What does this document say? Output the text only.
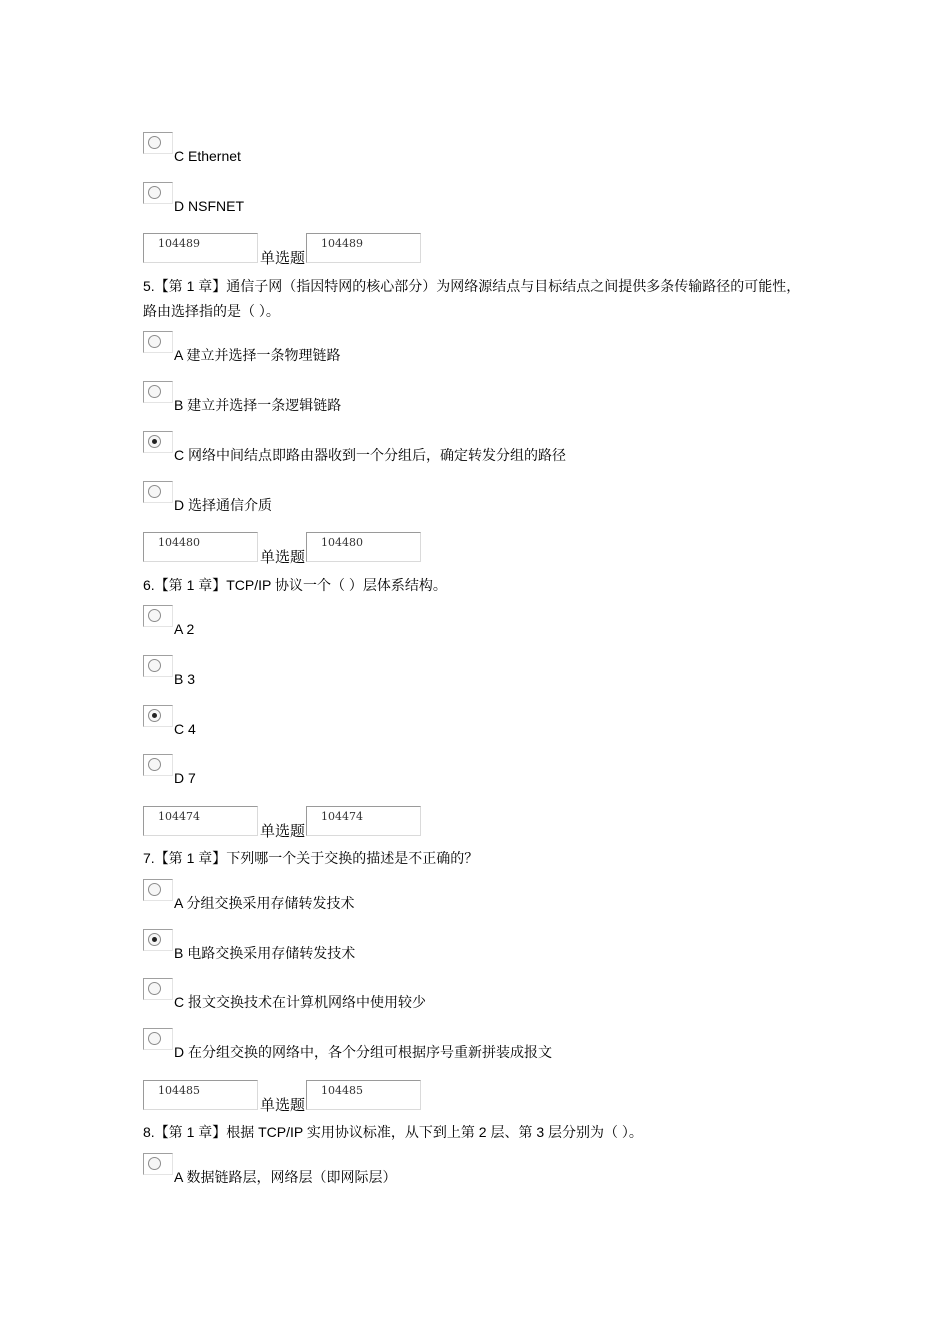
C Ethernet
D NSFNET
104489
单选题
104489
5.【第 1 章】通信子网（指因特网的核心部分）为网络源结点与目标结点之间提供多条传输路径的可能性，路由选择指的是（ ）。
A 建立并选择一条物理链路
B 建立并选择一条逻辑链路
C 网络中间结点即路由器收到一个分组后，确定转发分组的路径
D 选择通信介质
104480
单选题
104480
6.【第 1 章】TCP/IP 协议一个（ ）层体系结构。
A 2
B 3
C 4
D 7
104474
单选题
104474
7.【第 1 章】下列哪一个关于交换的描述是不正确的？
A 分组交换采用存储转发技术
B 电路交换采用存储转发技术
C 报文交换技术在计算机网络中使用较少
D 在分组交换的网络中，各个分组可根据序号重新拼装成报文
104485
单选题
104485
8.【第 1 章】根据 TCP/IP 实用协议标准，从下到上第 2 层、第 3 层分别为（ ）。
A 数据链路层，网络层（即网际层）
